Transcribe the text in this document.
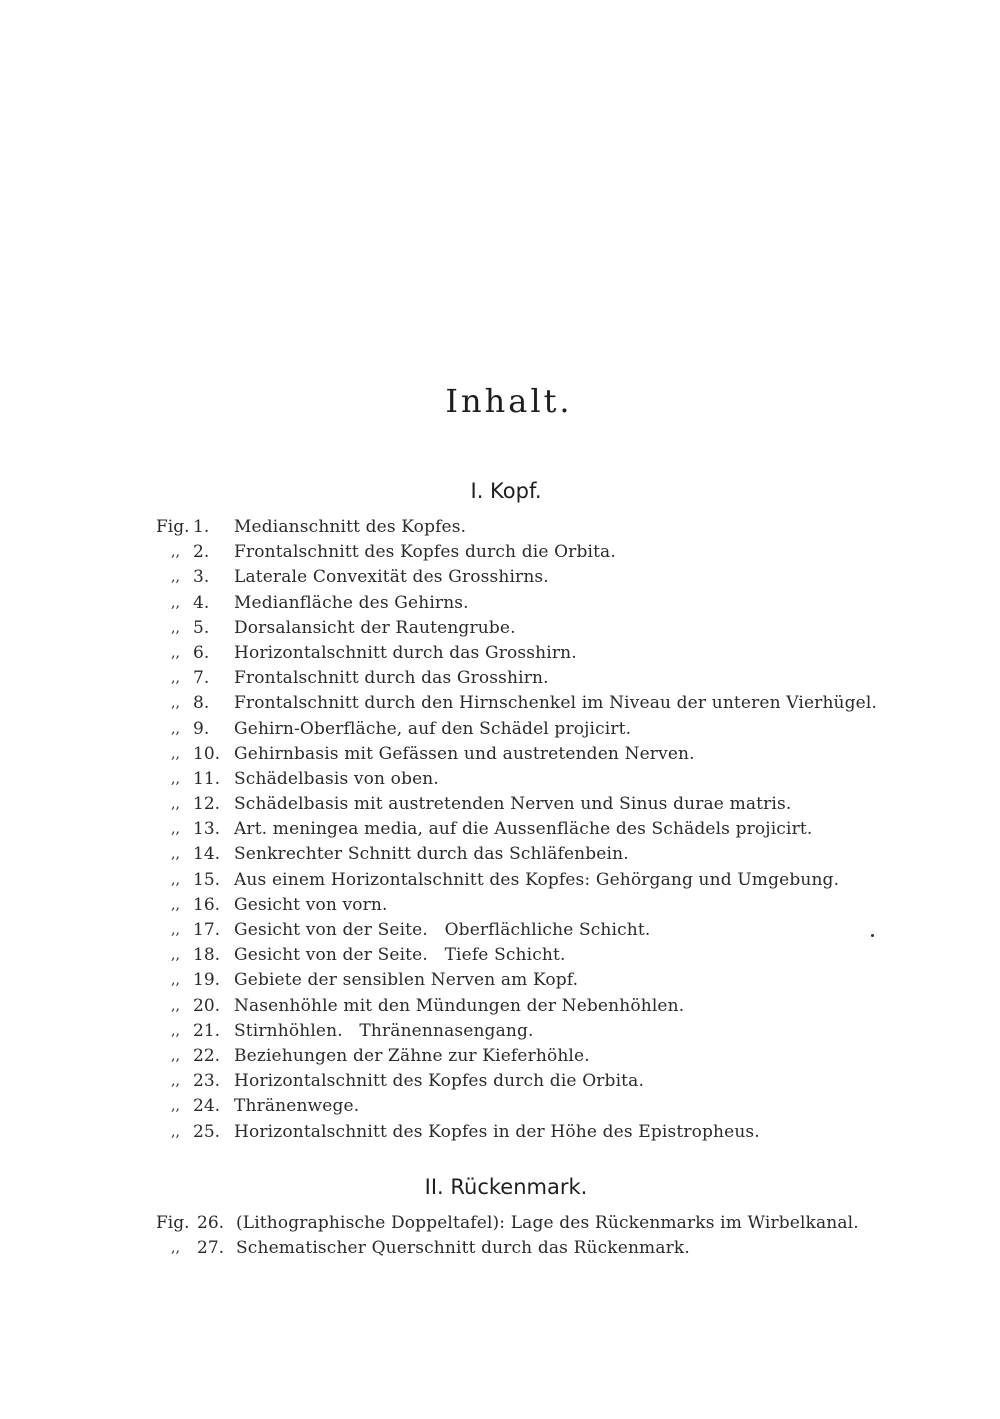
Inhalt.
I. Kopf.
Fig. 1.	Medianschnitt des Kopfes.
,, 2.	Frontalschnitt des Kopfes durch die Orbita.
,, 3.	Laterale Convexität des Grosshirns.
,, 4.	Medianfläche des Gehirns.
,, 5.	Dorsalansicht der Rautengrube.
,, 6.	Horizontalschnitt durch das Grosshirn.
,, 7.	Frontalschnitt durch das Grosshirn.
,, 8.	Frontalschnitt durch den Hirnschenkel im Niveau der unteren Vierhügel.
,, 9.	Gehirn-Oberfläche, auf den Schädel projicirt.
,, 10. Gehirnbasis mit Gefässen und austretenden Nerven.
,, 11. Schädelbasis von oben.
,, 12. Schädelbasis mit austretenden Nerven und Sinus durae matris.
,, 13. Art. meningea media, auf die Aussenfläche des Schädels projicirt.
,, 14. Senkrechter Schnitt durch das Schläfenbein.
,, 15. Aus einem Horizontalschnitt des Kopfes: Gehörgang und Umgebung.
,, 16. Gesicht von vorn.
,, 17. Gesicht von der Seite.   Oberflächliche Schicht.
,, 18. Gesicht von der Seite.   Tiefe Schicht.
,, 19. Gebiete der sensiblen Nerven am Kopf.
,, 20. Nasenhöhle mit den Mündungen der Nebenhöhlen.
,, 21. Stirnhöhlen.   Thränennasengang.
,, 22. Beziehungen der Zähne zur Kieferhöhle.
,, 23. Horizontalschnitt des Kopfes durch die Orbita.
,, 24. Thränenwege.
,, 25. Horizontalschnitt des Kopfes in der Höhe des Epistropheus.
II. Rückenmark.
Fig. 26. (Lithographische Doppeltafel): Lage des Rückenmarks im Wirbelkanal.
,, 27. Schematischer Querschnitt durch das Rückenmark.
